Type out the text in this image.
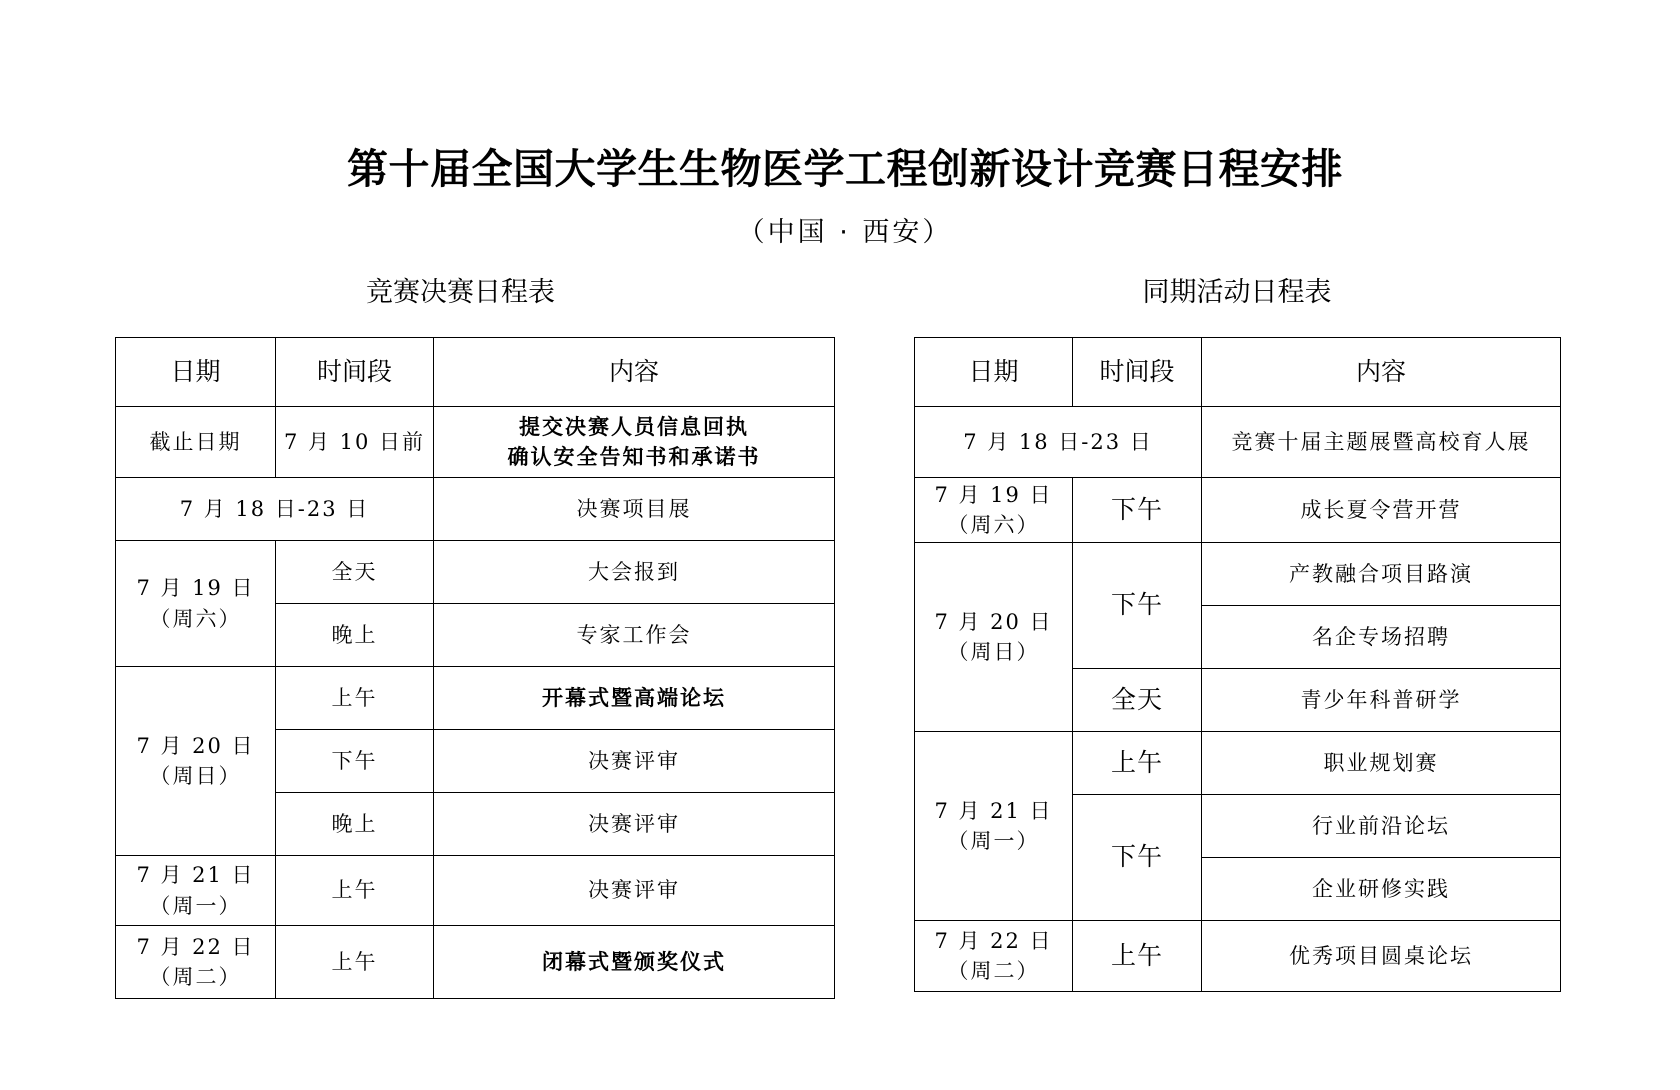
第十届全国大学生生物医学工程创新设计竞赛日程安排
（中国 · 西安）
竞赛决赛日程表	同期活动日程表
日期	时间段	内容
截止日期	7 月 10 日前	提交决赛人员信息回执
确认安全告知书和承诺书

7 月 18 日-23 日		决赛项目展

7 月 19 日
（周六）	全天	大会报到
	晚上	专家工作会

7 月 20 日
（周日）	上午	开幕式暨高端论坛
	下午	决赛评审
	晚上	决赛评审

7 月 21 日
（周一）	上午	决赛评审

7 月 22 日
（周二）	上午	闭幕式暨颁奖仪式
日期	时间段	内容
7 月 18 日-23 日		竞赛十届主题展暨高校育人展

7 月 19 日
（周六）	下午	成长夏令营开营

7 月 20 日
（周日）	下午	产教融合项目路演
		名企专场招聘
	全天	青少年科普研学

7 月 21 日
（周一）	上午	职业规划赛
	下午	行业前沿论坛
		企业研修实践

7 月 22 日
（周二）	上午	优秀项目圆桌论坛
